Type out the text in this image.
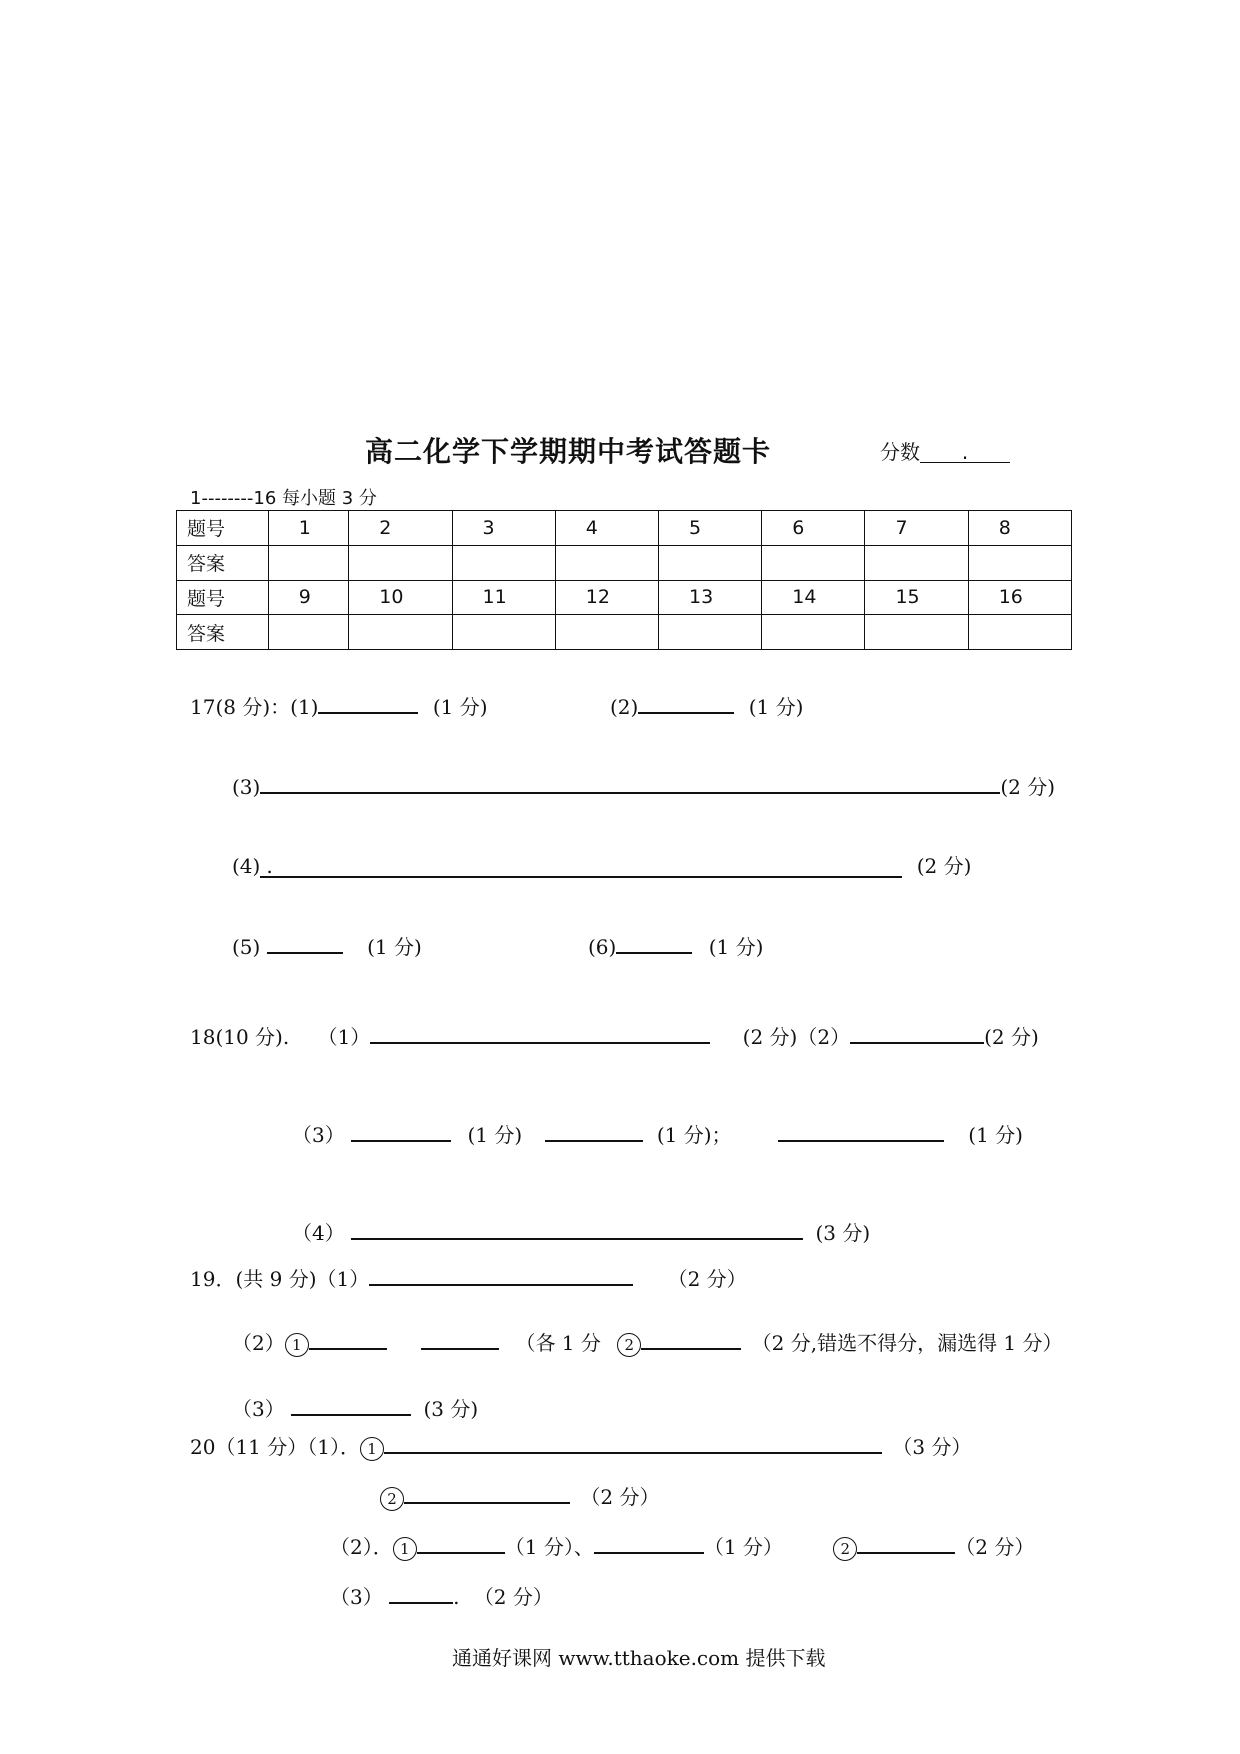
高二化学下学期期中考试答题卡	分数 .
1--------16 每小题 3 分
题号	1	2	3	4	5	6	7	8
答案								
题号	9	10	11	12	13	14	15	16
答案								
17(8 分)：(1)	(1 分)	(2)	(1 分)
(3)	(2 分)
(4) .	(2 分)
(5)	(1 分)	(6)	(1 分)
18(10 分). （1）	(2 分)（2）	(2 分)
（3）	(1 分)	(1 分)；	(1 分)
（4）	(3 分)
19．(共 9 分)（1）	（2 分）
（2） 1	（各 1 分 2	（2 分,错选不得分，漏选得 1 分）
（3）	(3 分)
20（11 分）（1）． 1	（3 分）
2	（2 分）
（2）． 1	（1 分）、	（1 分）	2	（2 分）
（3）	. （2 分）
通通好课网 www.tthaoke.com 提供下载
